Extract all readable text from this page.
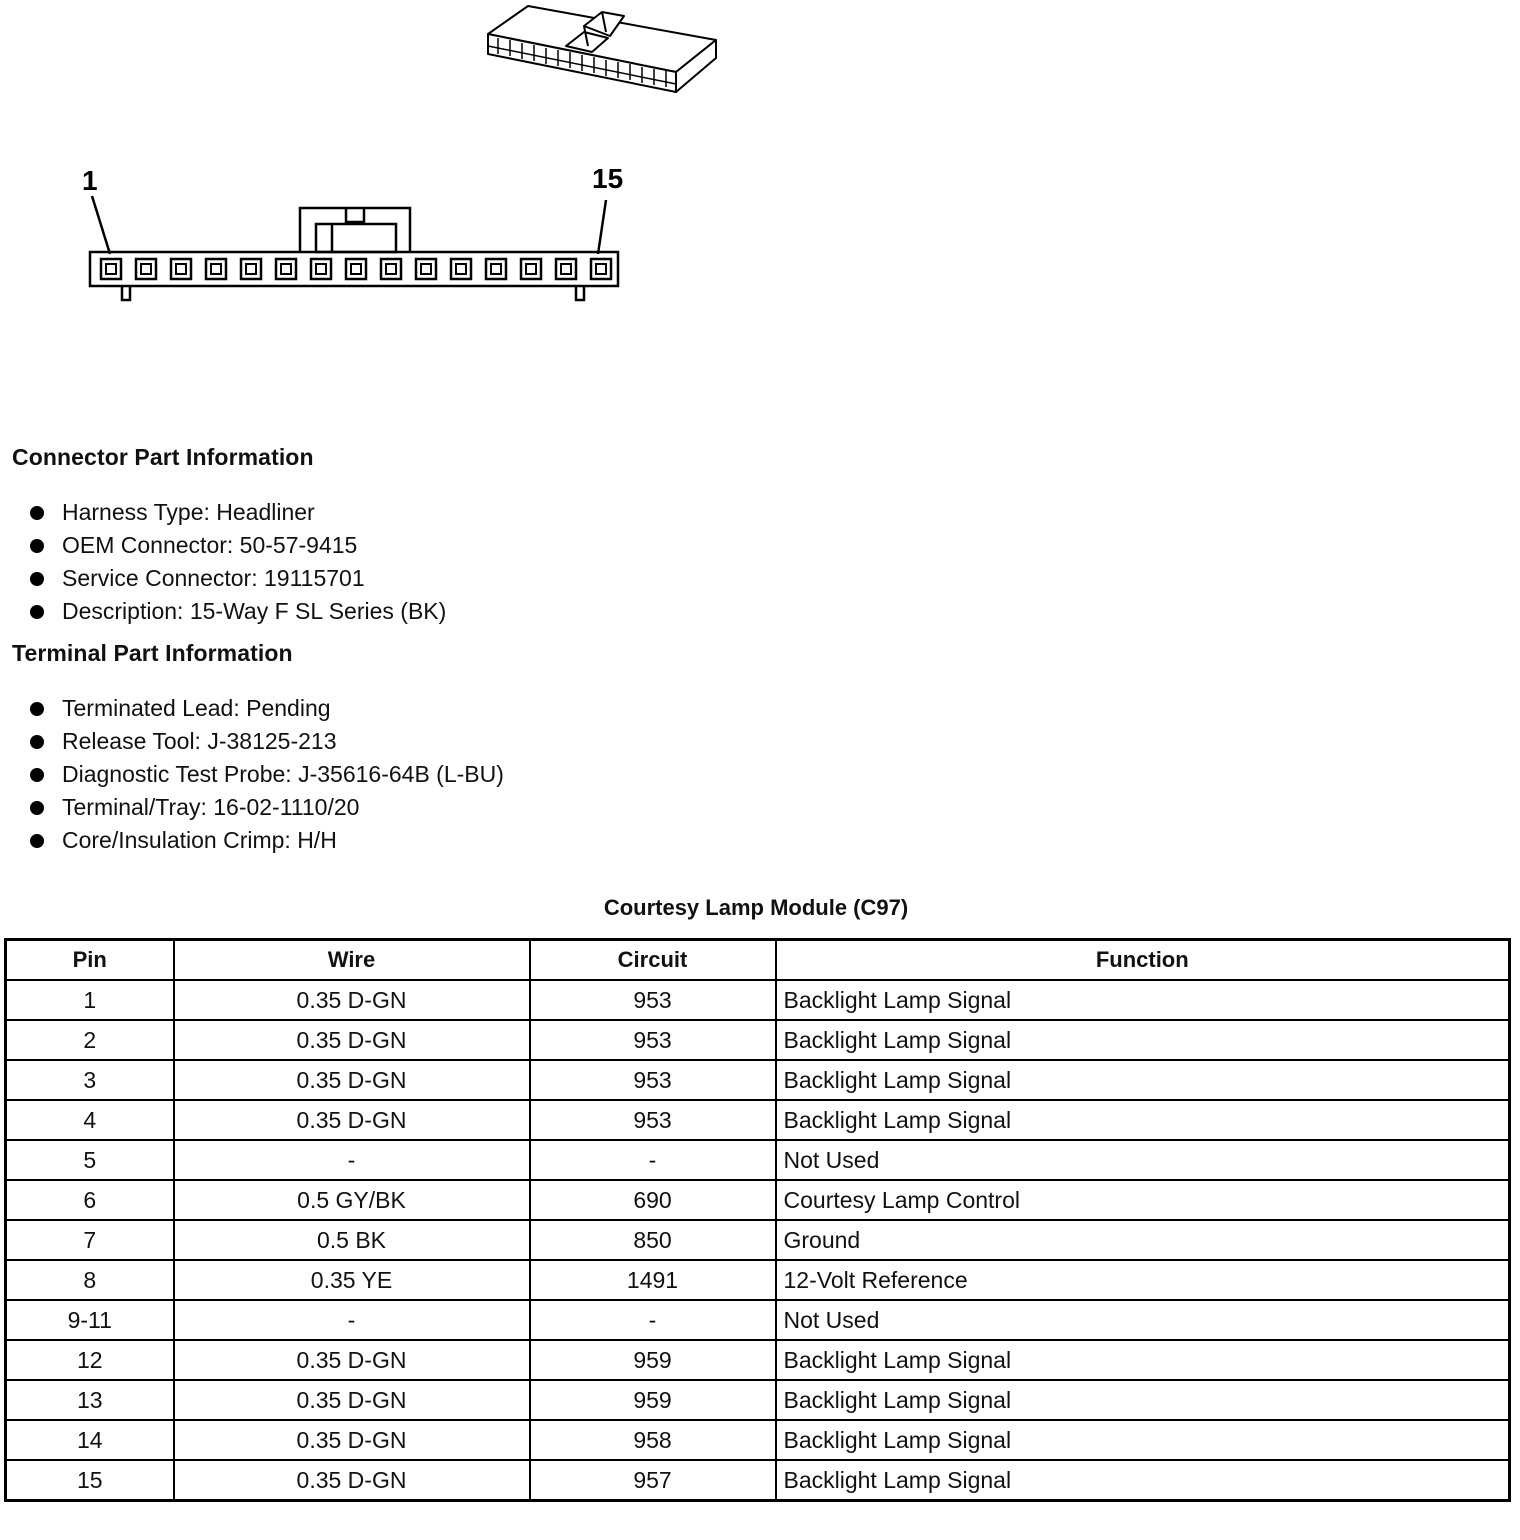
1	15
Connector Part Information
Harness Type: Headliner
OEM Connector: 50-57-9415
Service Connector: 19115701
Description: 15-Way F SL Series (BK)
Terminal Part Information
Terminated Lead: Pending
Release Tool: J-38125-213
Diagnostic Test Probe: J-35616-64B (L-BU)
Terminal/Tray: 16-02-1110/20
Core/Insulation Crimp: H/H
Courtesy Lamp Module (C97)
Pin	Wire	Circuit	Function
1	0.35 D-GN	953	Backlight Lamp Signal
2	0.35 D-GN	953	Backlight Lamp Signal
3	0.35 D-GN	953	Backlight Lamp Signal
4	0.35 D-GN	953	Backlight Lamp Signal
5	-	-	Not Used
6	0.5 GY/BK	690	Courtesy Lamp Control
7	0.5 BK	850	Ground
8	0.35 YE	1491	12-Volt Reference
9-11	-	-	Not Used
12	0.35 D-GN	959	Backlight Lamp Signal
13	0.35 D-GN	959	Backlight Lamp Signal
14	0.35 D-GN	958	Backlight Lamp Signal
15	0.35 D-GN	957	Backlight Lamp Signal
